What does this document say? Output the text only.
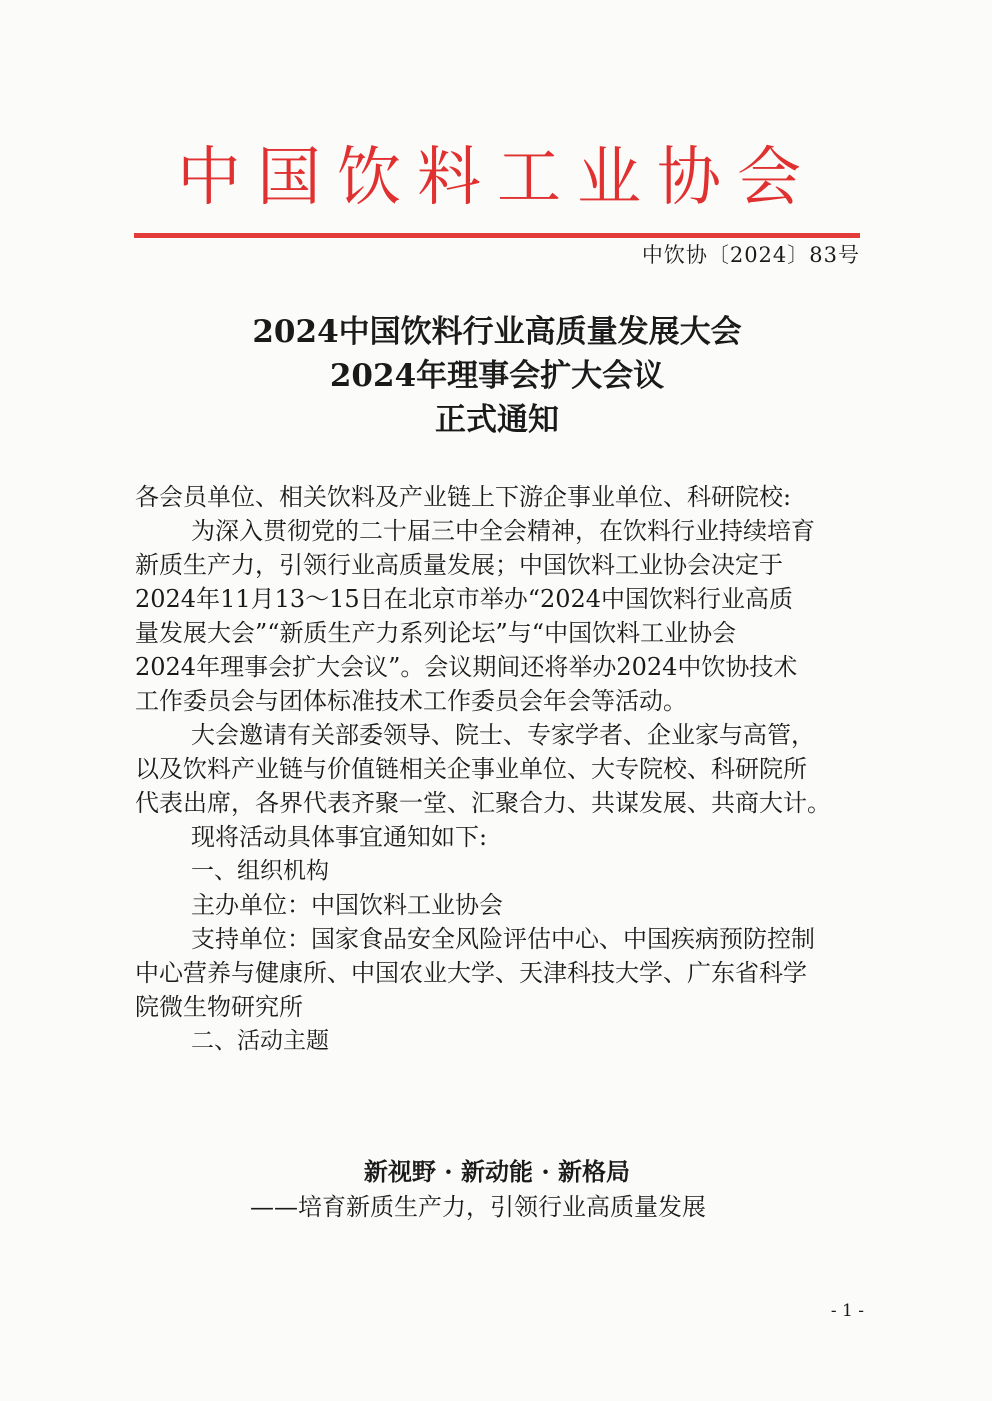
中国饮料工业协会
中饮协〔2024〕83号
2024中国饮料行业高质量发展大会
2024年理事会扩大会议
正式通知
各会员单位、相关饮料及产业链上下游企事业单位、科研院校:
为深入贯彻党的二十届三中全会精神，在饮料行业持续培育
新质生产力，引领行业高质量发展；中国饮料工业协会决定于
2024年11月13～15日在北京市举办“2024中国饮料行业高质
量发展大会”“新质生产力系列论坛”与“中国饮料工业协会
2024年理事会扩大会议”。会议期间还将举办2024中饮协技术
工作委员会与团体标准技术工作委员会年会等活动。
大会邀请有关部委领导、院士、专家学者、企业家与高管，
以及饮料产业链与价值链相关企事业单位、大专院校、科研院所
代表出席，各界代表齐聚一堂、汇聚合力、共谋发展、共商大计。
现将活动具体事宜通知如下:
一、组织机构
主办单位：中国饮料工业协会
支持单位：国家食品安全风险评估中心、中国疾病预防控制
中心营养与健康所、中国农业大学、天津科技大学、广东省科学
院微生物研究所
二、活动主题
新视野 · 新动能 · 新格局
——培育新质生产力，引领行业高质量发展
- 1 -
